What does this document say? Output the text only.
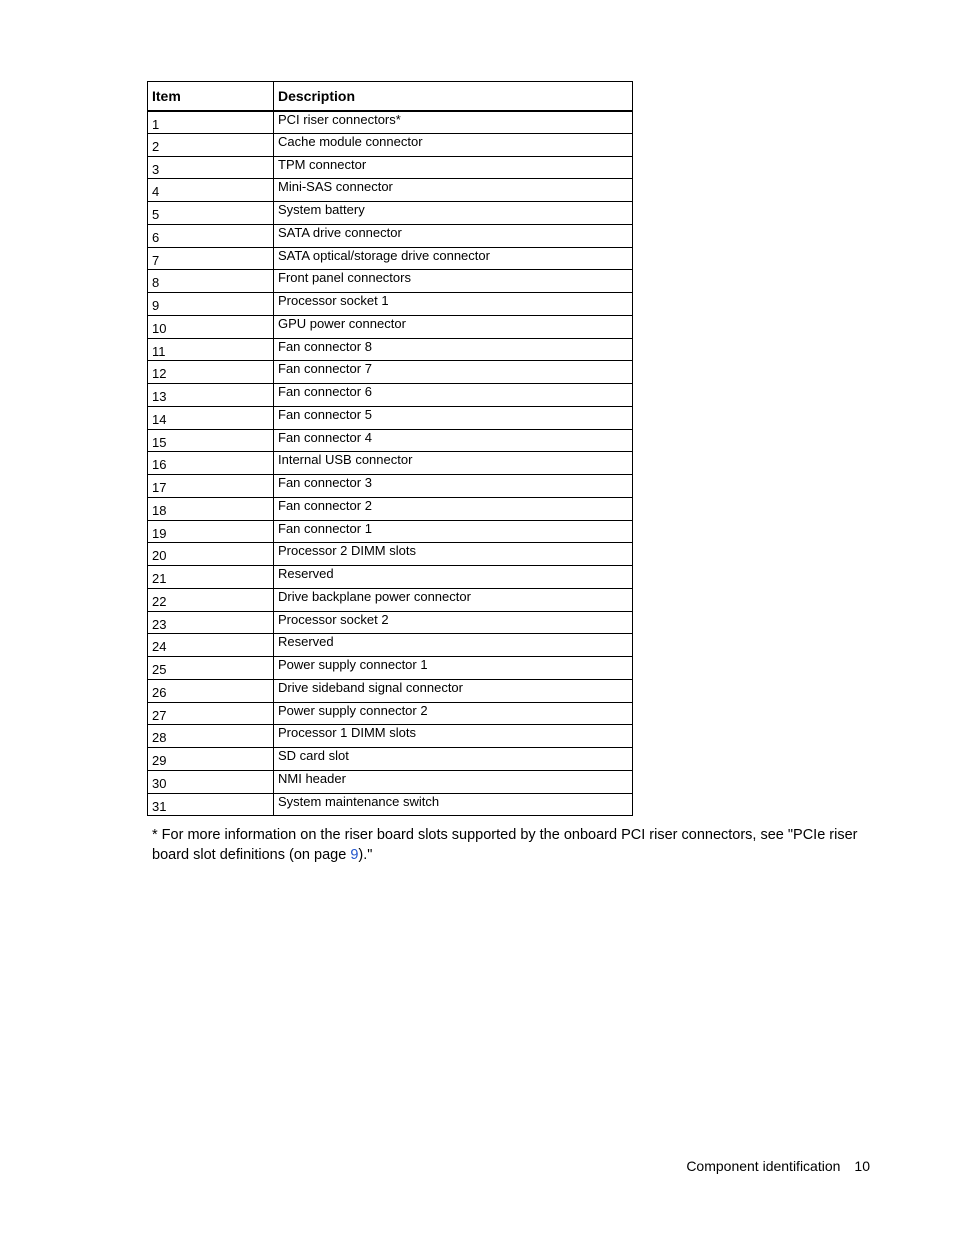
Item	Description
1	PCI riser connectors*
2	Cache module connector
3	TPM connector
4	Mini-SAS connector
5	System battery
6	SATA drive connector
7	SATA optical/storage drive connector
8	Front panel connectors
9	Processor socket 1
10	GPU power connector
11	Fan connector 8
12	Fan connector 7
13	Fan connector 6
14	Fan connector 5
15	Fan connector 4
16	Internal USB connector
17	Fan connector 3
18	Fan connector 2
19	Fan connector 1
20	Processor 2 DIMM slots
21	Reserved
22	Drive backplane power connector
23	Processor socket 2
24	Reserved
25	Power supply connector 1
26	Drive sideband signal connector
27	Power supply connector 2
28	Processor 1 DIMM slots
29	SD card slot
30	NMI header
31	System maintenance switch
* For more information on the riser board slots supported by the onboard PCI riser connectors, see "PCIe riser board slot definitions (on page 9)."
Component identification 10
